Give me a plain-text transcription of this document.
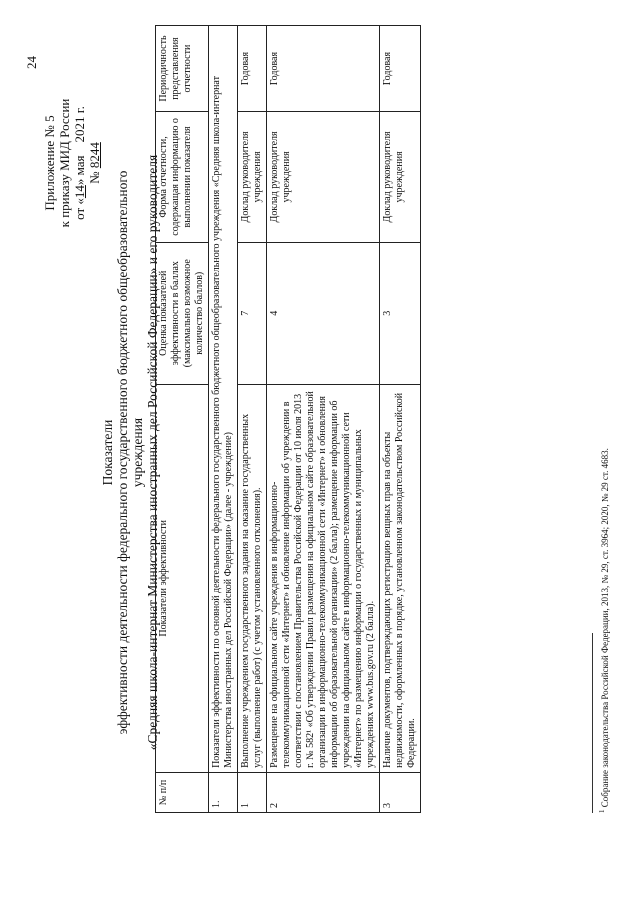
24
Приложение № 5 к приказу МИД России от «14» мая    2021 г.
№ 8244
Показатели эффективности деятельности федерального государственного бюджетного общеобразовательного учреждения «Средняя школа-интернат Министерства иностранных дел Российской Федерации» и его руководителя
№ п/п	Показатели эффективности	Оценка показателей эффективности в баллах (максимально возможное количество баллов)	Форма отчетности, содержащая информацию о выполнении показателя	Периодичность представления отчетности
1.	Показатели эффективности по основной деятельности федерального государственного бюджетного общеобразовательного учреждения «Средняя школа-интернат Министерства иностранных дел Российской Федерации» (далее - учреждение)			
1	Выполнение учреждением государственного задания на оказание государственных услуг (выполнение работ) (с учетом установленного отклонения).	7	Доклад руководителя учреждения	Годовая
2	Размещение на официальном сайте учреждения в информационно-телекоммуникационной сети «Интернет» и обновление информации об учреждении в соответствии с постановлением Правительства Российской Федерации от 10 июля 2013 г. № 582¹ «Об утверждении Правил размещения на официальном сайте образовательной организации в информационно-телекоммуникационной сети «Интернет» и обновления информации об образовательной организации» (2 балла); размещение информации об учреждении на официальном сайте в информационно-телекоммуникационной сети «Интернет» по размещению информации о государственных и муниципальных учреждениях www.bus.gov.ru (2 балла).	4	Доклад руководителя учреждения	Годовая
3	Наличие документов, подтверждающих регистрацию вещных прав на объекты недвижимости, оформленных в порядке, установленном законодательством Российской Федерации.	3	Доклад руководителя учреждения	Годовая
$^1$ Собрание законодательства Российской Федерации, 2013, № 29, ст. 3964; 2020, № 29 ст. 4683.
